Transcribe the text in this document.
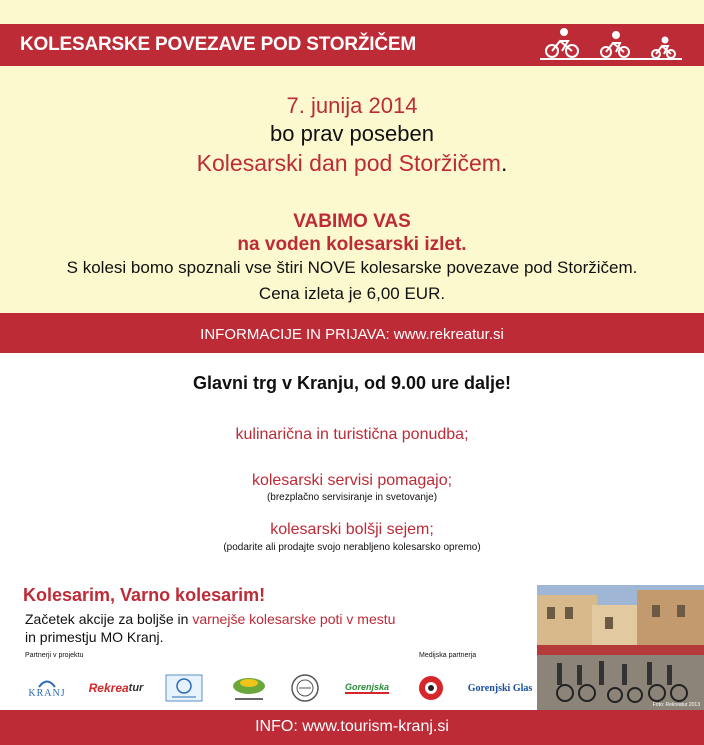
KOLESARSKE POVEZAVE POD STORŽIČEM
7. junija 2014
bo prav poseben
Kolesarski dan pod Storžičem.
VABIMO VAS
na voden kolesarski izlet.
S kolesi bomo spoznali vse štiri NOVE kolesarske povezave pod Storžičem.
Cena izleta je 6,00 EUR.
INFORMACIJE IN PRIJAVA: www.rekreatur.si
Glavni trg v Kranju, od 9.00 ure dalje!
kulinarična in turistična ponudba;
kolesarski servisi pomagajo;
(brezplačno servisiranje in svetovanje)
kolesarski bolšji sejem;
(podarite ali prodajte svojo nerabljeno kolesarsko opremo)
Kolesarim, Varno kolesarim!
Začetek akcije za boljše in varnejše kolesarske poti v mestu
in primestju MO Kranj.
Partnerji v projektu	Medijska partnerja
KRANJ Rekrea tur	Gorenjska	Gorenjski Glas
Foto: Rekreatur 2013
INFO: www.tourism-kranj.si
